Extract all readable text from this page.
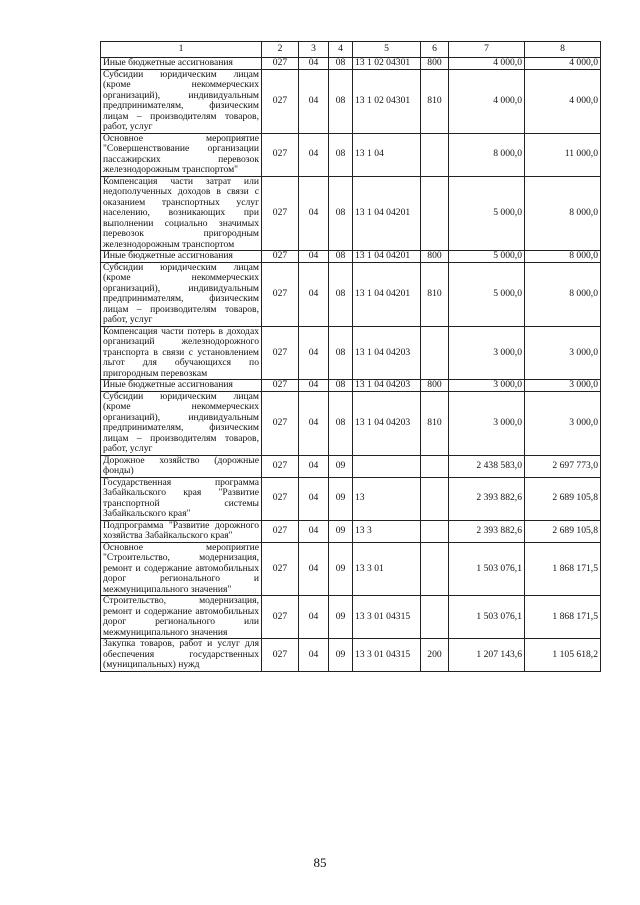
1	2	3	4	5	6	7	8
Иные бюджетные ассигнования	027	04	08	13 1 02 04301	800	4 000,0	4 000,0
Субсидии юридическим лицам (кроме некоммерческих организаций), индивидуальным предпринимателям, физическим лицам – производителям товаров, работ, услуг	027	04	08	13 1 02 04301	810	4 000,0	4 000,0
Основное мероприятие "Совершенствование организации пассажирских перевозок железнодорожным транспортом"	027	04	08	13 1 04		8 000,0	11 000,0
Компенсация части затрат или недополученных доходов в связи с оказанием транспортных услуг населению, возникающих при выполнении социально значимых перевозок пригородным железнодорожным транспортом	027	04	08	13 1 04 04201		5 000,0	8 000,0
Иные бюджетные ассигнования	027	04	08	13 1 04 04201	800	5 000,0	8 000,0
Субсидии юридическим лицам (кроме некоммерческих организаций), индивидуальным предпринимателям, физическим лицам – производителям товаров, работ, услуг	027	04	08	13 1 04 04201	810	5 000,0	8 000,0
Компенсация части потерь в доходах организаций железнодорожного транспорта в связи с установлением льгот для обучающихся по пригородным перевозкам	027	04	08	13 1 04 04203		3 000,0	3 000,0
Иные бюджетные ассигнования	027	04	08	13 1 04 04203	800	3 000,0	3 000,0
Субсидии юридическим лицам (кроме некоммерческих организаций), индивидуальным предпринимателям, физическим лицам – производителям товаров, работ, услуг	027	04	08	13 1 04 04203	810	3 000,0	3 000,0
Дорожное хозяйство (дорожные фонды)	027	04	09			2 438 583,0	2 697 773,0
Государственная программа Забайкальского края "Развитие транспортной системы Забайкальского края"	027	04	09	13		2 393 882,6	2 689 105,8
Подпрограмма "Развитие дорожного хозяйства Забайкальского края"	027	04	09	13 3		2 393 882,6	2 689 105,8
Основное мероприятие "Строительство, модернизация, ремонт и содержание автомобильных дорог регионального и межмуниципального значения"	027	04	09	13 3 01		1 503 076,1	1 868 171,5
Строительство, модернизация, ремонт и содержание автомобильных дорог регионального или межмуниципального значения	027	04	09	13 3 01 04315		1 503 076,1	1 868 171,5
Закупка товаров, работ и услуг для обеспечения государственных (муниципальных) нужд	027	04	09	13 3 01 04315	200	1 207 143,6	1 105 618,2
85
